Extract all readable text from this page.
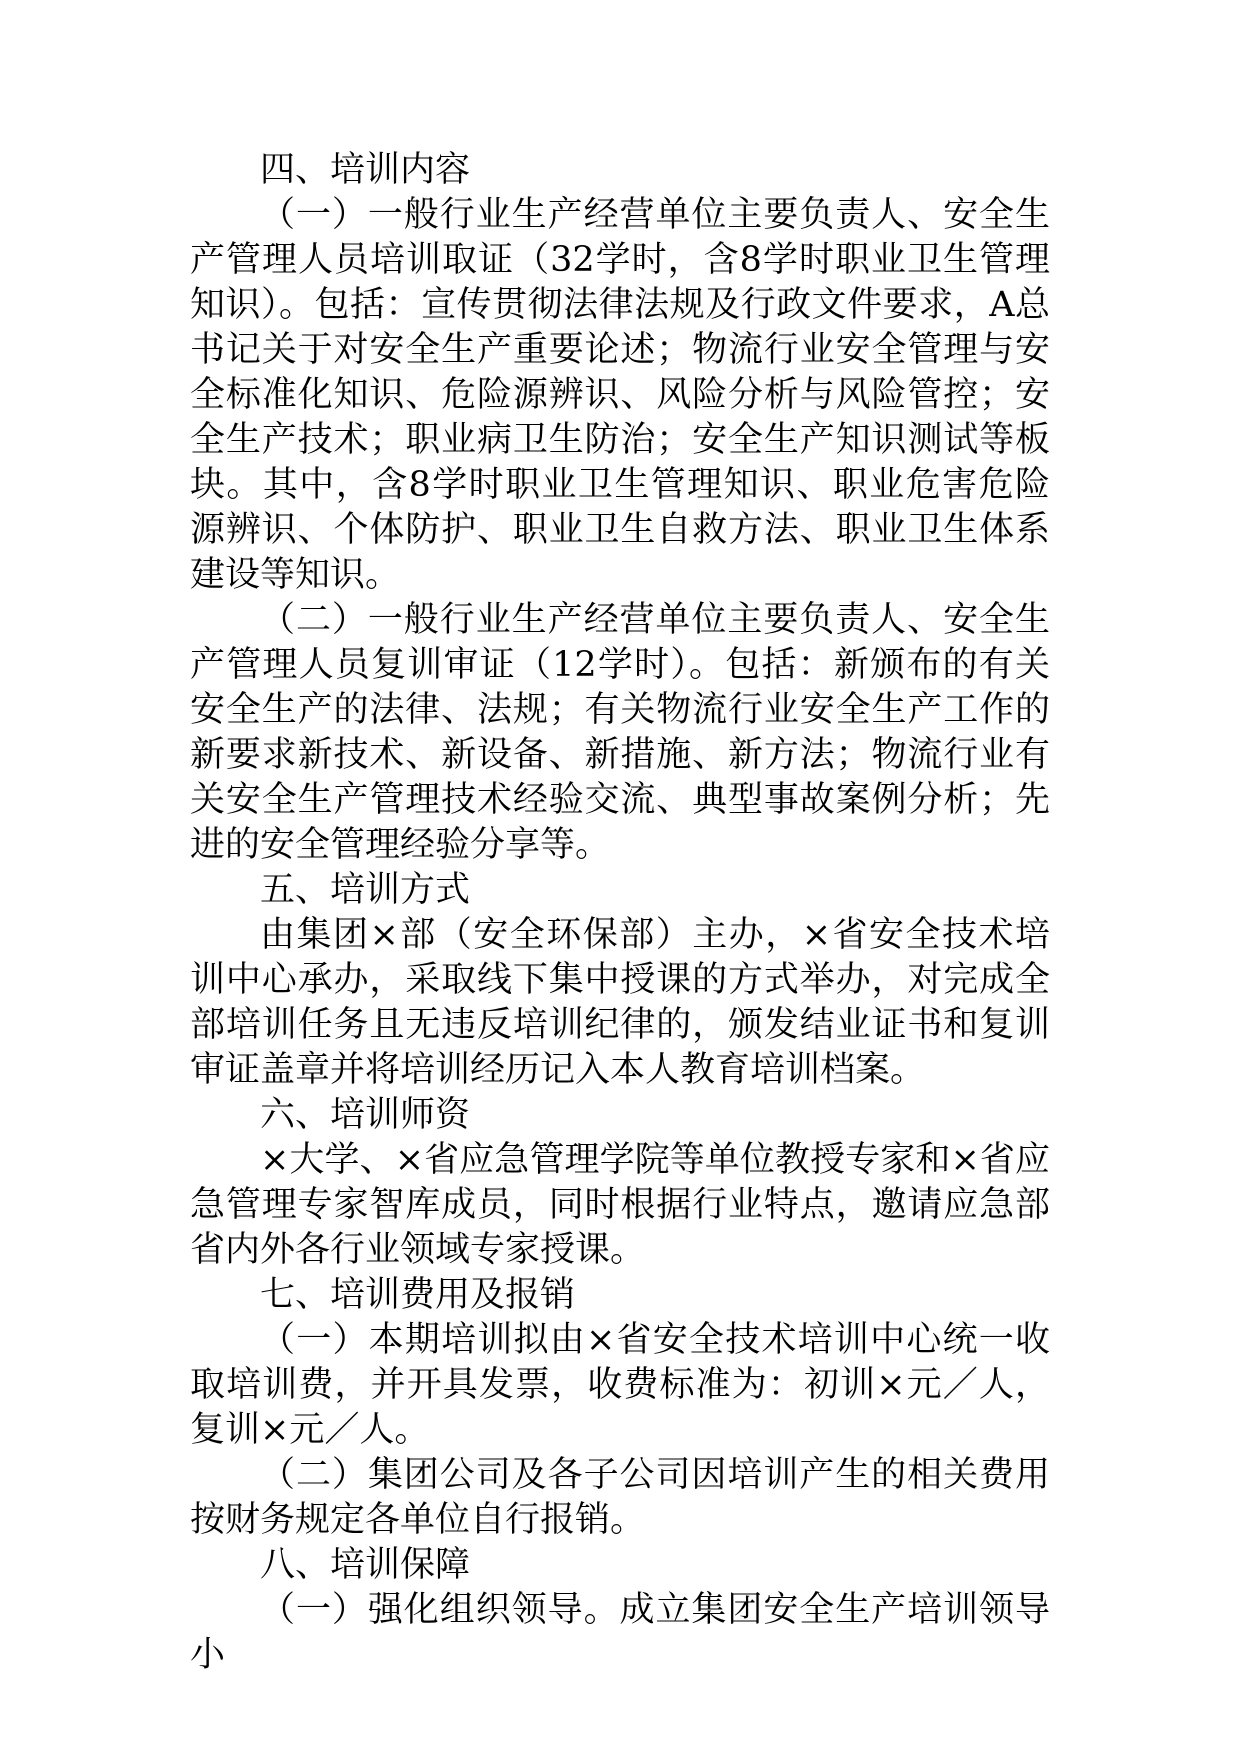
四、培训内容

（一）一般行业生产经营单位主要负责人、安全生产管理人员培训取证（32学时，含8学时职业卫生管理知识）。包括：宣传贯彻法律法规及行政文件要求，A总书记关于对安全生产重要论述；物流行业安全管理与安全标准化知识、危险源辨识、风险分析与风险管控；安全生产技术；职业病卫生防治；安全生产知识测试等板块。其中，含8学时职业卫生管理知识、职业危害危险源辨识、个体防护、职业卫生自救方法、职业卫生体系建设等知识。

（二）一般行业生产经营单位主要负责人、安全生产管理人员复训审证（12学时）。包括：新颁布的有关安全生产的法律、法规；有关物流行业安全生产工作的新要求新技术、新设备、新措施、新方法；物流行业有关安全生产管理技术经验交流、典型事故案例分析；先进的安全管理经验分享等。

五、培训方式

由集团×部（安全环保部）主办，×省安全技术培训中心承办，采取线下集中授课的方式举办，对完成全部培训任务且无违反培训纪律的，颁发结业证书和复训审证盖章并将培训经历记入本人教育培训档案。

六、培训师资

×大学、×省应急管理学院等单位教授专家和×省应急管理专家智库成员，同时根据行业特点，邀请应急部省内外各行业领域专家授课。

七、培训费用及报销

（一）本期培训拟由×省安全技术培训中心统一收取培训费，并开具发票，收费标准为：初训×元／人，复训×元／人。

（二）集团公司及各子公司因培训产生的相关费用按财务规定各单位自行报销。

八、培训保障

（一）强化组织领导。成立集团安全生产培训领导小
